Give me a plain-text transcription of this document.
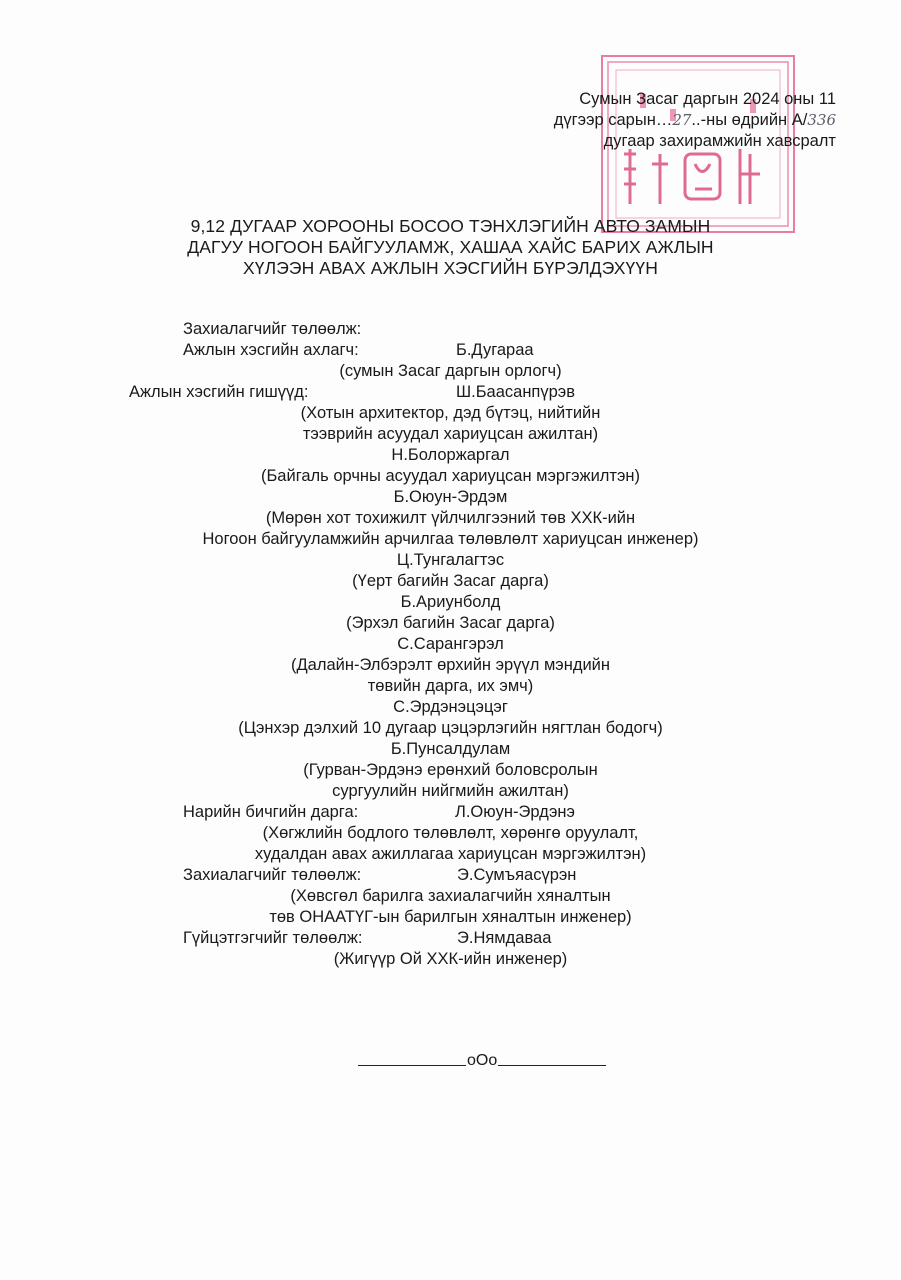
Сумын Засаг даргын 2024 оны 11
дүгээр сарын…27..-ны өдрийн А/336
дугаар захирамжийн хавсралт
9,12 ДУГААР ХОРООНЫ БОСОО ТЭНХЛЭГИЙН АВТО ЗАМЫН
ДАГУУ НОГООН БАЙГУУЛАМЖ, ХАШАА ХАЙС БАРИХ АЖЛЫН
ХҮЛЭЭН АВАХ АЖЛЫН ХЭСГИЙН БҮРЭЛДЭХҮҮН
Захиалагчийг төлөөлж:
Ажлын хэсгийн ахлагч:	Б.Дугараа
(сумын Засаг даргын орлогч)
Ажлын хэсгийн гишүүд:	Ш.Баасанпүрэв
(Хотын архитектор, дэд бүтэц, нийтийн
тээврийн асуудал хариуцсан ажилтан)
Н.Болоржаргал
(Байгаль орчны асуудал хариуцсан мэргэжилтэн)
Б.Оюун-Эрдэм
(Мөрөн хот тохижилт үйлчилгээний төв ХХК-ийн
Ногоон байгууламжийн арчилгаа төлөвлөлт хариуцсан инженер)
Ц.Тунгалагтэс
(Үерт багийн Засаг дарга)
Б.Ариунболд
(Эрхэл багийн Засаг дарга)
С.Сарангэрэл
(Далайн-Элбэрэлт өрхийн эрүүл мэндийн
төвийн дарга, их эмч)
С.Эрдэнэцэцэг
(Цэнхэр дэлхий 10 дугаар цэцэрлэгийн нягтлан бодогч)
Б.Пунсалдулам
(Гурван-Эрдэнэ ерөнхий боловсролын
сургуулийн нийгмийн ажилтан)
Нарийн бичгийн дарга:	Л.Оюун-Эрдэнэ
(Хөгжлийн бодлого төлөвлөлт, хөрөнгө оруулалт,
худалдан авах ажиллагаа хариуцсан мэргэжилтэн)
Захиалагчийг төлөөлж:	Э.Сумъяасүрэн
(Хөвсгөл барилга захиалагчийн хяналтын
төв ОНААТҮГ-ын барилгын хяналтын инженер)
Гүйцэтгэгчийг төлөөлж:	Э.Нямдаваа
(Жигүүр Ой ХХК-ийн инженер)
оОо
